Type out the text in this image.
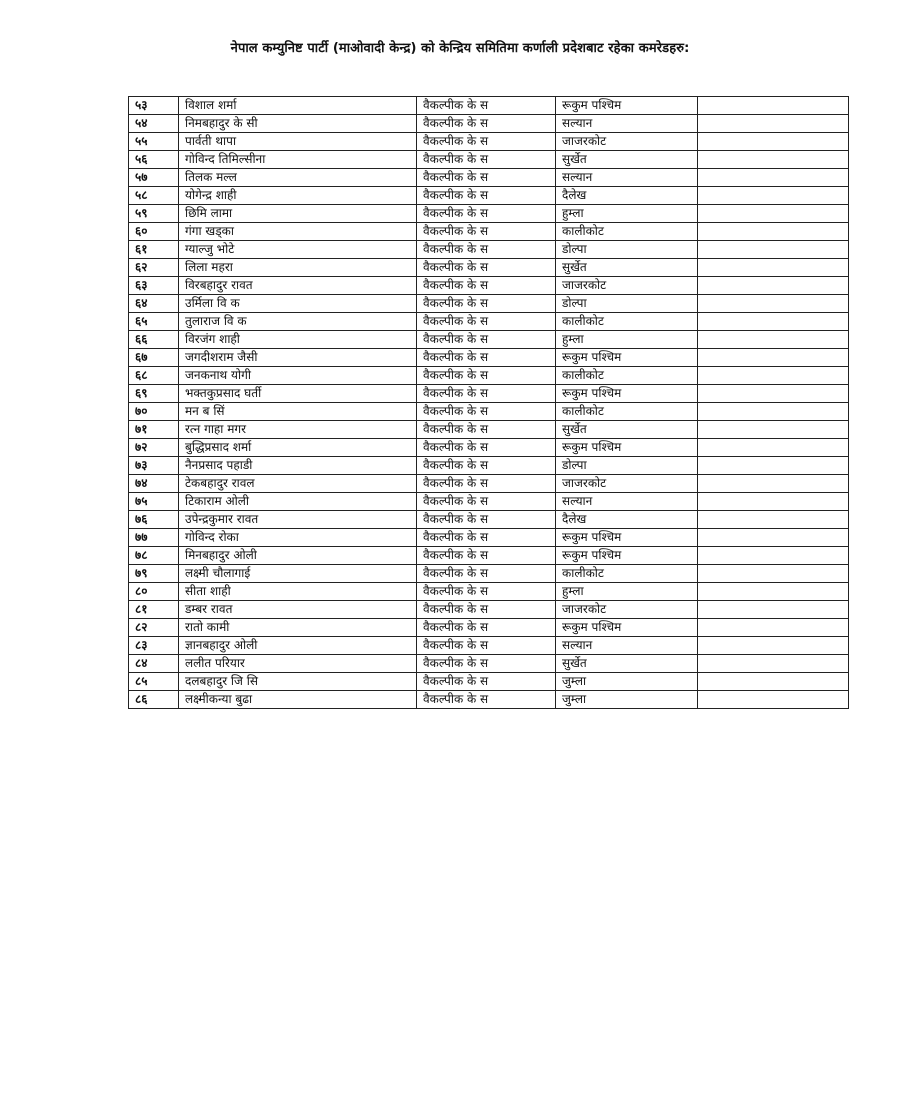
नेपाल कम्युनिष्ट पार्टी (माओवादी केन्द्र) को केन्द्रिय समितिमा कर्णाली प्रदेशबाट रहेका कमरेडहरु:
५३	विशाल शर्मा	वैकल्पीक के स	रूकुम पश्चिम	
५४	निमबहादुर के सी	वैकल्पीक के स	सल्यान	
५५	पार्वती थापा	वैकल्पीक के स	जाजरकोट	
५६	गोविन्द तिमिल्सीना	वैकल्पीक के स	सुर्खेत	
५७	तिलक मल्ल	वैकल्पीक के स	सल्यान	
५८	योगेन्द्र शाही	वैकल्पीक के स	दैलेख	
५९	छिमि लामा	वैकल्पीक के स	हुम्ला	
६०	गंगा खड्का	वैकल्पीक के स	कालीकोट	
६१	ग्याल्जु भोटे	वैकल्पीक के स	डोल्पा	
६२	लिला महरा	वैकल्पीक के स	सुर्खेत	
६३	विरबहादुर रावत	वैकल्पीक के स	जाजरकोट	
६४	उर्मिला वि क	वैकल्पीक के स	डोल्पा	
६५	तुलाराज वि क	वैकल्पीक के स	कालीकोट	
६६	विरजंग शाही	वैकल्पीक के स	हुम्ला	
६७	जगदीशराम जैसी	वैकल्पीक के स	रूकुम पश्चिम	
६८	जनकनाथ योगी	वैकल्पीक के स	कालीकोट	
६९	भक्तकुप्रसाद घर्ती	वैकल्पीक के स	रूकुम पश्चिम	
७०	मन ब सिं	वैकल्पीक के स	कालीकोट	
७१	रत्न गाहा मगर	वैकल्पीक के स	सुर्खेत	
७२	बुद्धिप्रसाद शर्मा	वैकल्पीक के स	रूकुम पश्चिम	
७३	नैनप्रसाद पहाडी	वैकल्पीक के स	डोल्पा	
७४	टेकबहादुर रावल	वैकल्पीक के स	जाजरकोट	
७५	टिकाराम ओली	वैकल्पीक के स	सल्यान	
७६	उपेन्द्रकुमार रावत	वैकल्पीक के स	दैलेख	
७७	गोविन्द रोका	वैकल्पीक के स	रूकुम पश्चिम	
७८	मिनबहादुर ओली	वैकल्पीक के स	रूकुम पश्चिम	
७९	लक्ष्मी चौलागाई	वैकल्पीक के स	कालीकोट	
८०	सीता शाही	वैकल्पीक के स	हुम्ला	
८१	डम्बर रावत	वैकल्पीक के स	जाजरकोट	
८२	रातो कामी	वैकल्पीक के स	रूकुम पश्चिम	
८३	ज्ञानबहादुर ओली	वैकल्पीक के स	सल्यान	
८४	ललीत परियार	वैकल्पीक के स	सुर्खेत	
८५	दलबहादुर जि सि	वैकल्पीक के स	जुम्ला	
८६	लक्ष्मीकन्या बुढा	वैकल्पीक के स	जुम्ला	
